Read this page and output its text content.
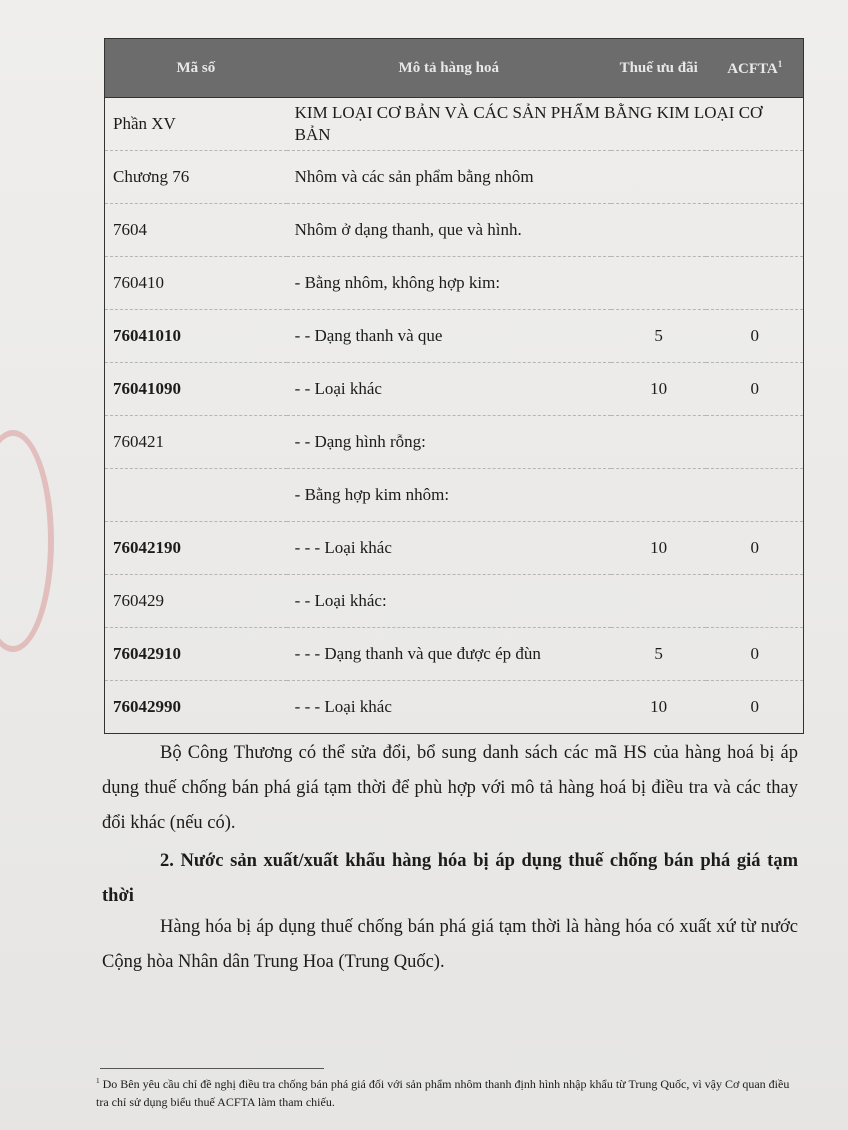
Mã số	Mô tả hàng hoá	Thuế ưu đãi	ACFTA$^1$
Phần XV	KIM LOẠI CƠ BẢN VÀ CÁC SẢN PHẨM BẰNG KIM LOẠI CƠ BẢN		
Chương 76	Nhôm và các sản phẩm bằng nhôm		
7604	Nhôm ở dạng thanh, que và hình.		
760410	- Bằng nhôm, không hợp kim:		
76041010	- - Dạng thanh và que	5	0
76041090	- - Loại khác	10	0
760421	- - Dạng hình rỗng:		
	- Bằng hợp kim nhôm:		
76042190	- - - Loại khác	10	0
760429	- - Loại khác:		
76042910	- - - Dạng thanh và que được ép đùn	5	0
76042990	- - - Loại khác	10	0

Bộ Công Thương có thể sửa đổi, bổ sung danh sách các mã HS của hàng hoá bị áp dụng thuế chống bán phá giá tạm thời để phù hợp với mô tả hàng hoá bị điều tra và các thay đổi khác (nếu có).

2. Nước sản xuất/xuất khẩu hàng hóa bị áp dụng thuế chống bán phá giá tạm thời

Hàng hóa bị áp dụng thuế chống bán phá giá tạm thời là hàng hóa có xuất xứ từ nước Cộng hòa Nhân dân Trung Hoa (Trung Quốc).

$^1$ Do Bên yêu cầu chỉ đề nghị điều tra chống bán phá giá đối với sản phẩm nhôm thanh định hình nhập khẩu từ Trung Quốc, vì vậy Cơ quan điều tra chỉ sử dụng biểu thuế ACFTA làm tham chiếu.
